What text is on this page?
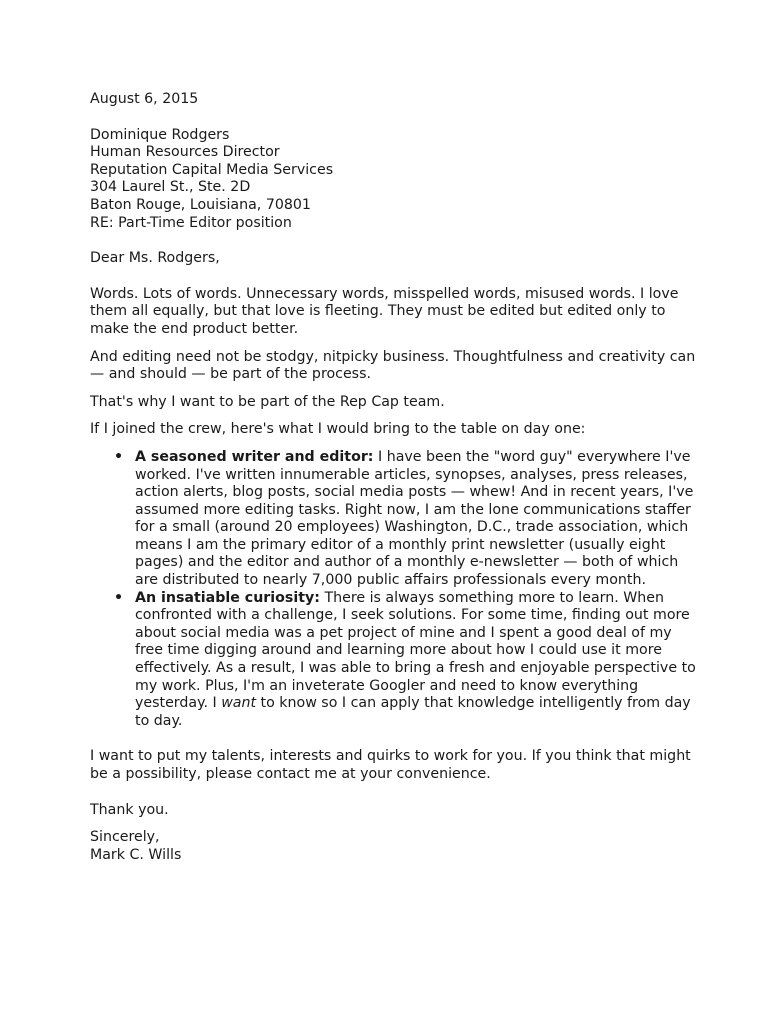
August 6, 2015

Dominique Rodgers
Human Resources Director
Reputation Capital Media Services
304 Laurel St., Ste. 2D
Baton Rouge, Louisiana, 70801
RE: Part-Time Editor position

Dear Ms. Rodgers,

Words. Lots of words. Unnecessary words, misspelled words, misused words. I love them all equally, but that love is fleeting. They must be edited but edited only to make the end product better.

And editing need not be stodgy, nitpicky business. Thoughtfulness and creativity can — and should — be part of the process.

That's why I want to be part of the Rep Cap team.

If I joined the crew, here's what I would bring to the table on day one:

• A seasoned writer and editor: I have been the "word guy" everywhere I've worked. I've written innumerable articles, synopses, analyses, press releases, action alerts, blog posts, social media posts — whew! And in recent years, I've assumed more editing tasks. Right now, I am the lone communications staffer for a small (around 20 employees) Washington, D.C., trade association, which means I am the primary editor of a monthly print newsletter (usually eight pages) and the editor and author of a monthly e-newsletter — both of which are distributed to nearly 7,000 public affairs professionals every month.
• An insatiable curiosity: There is always something more to learn. When confronted with a challenge, I seek solutions. For some time, finding out more about social media was a pet project of mine and I spent a good deal of my free time digging around and learning more about how I could use it more effectively. As a result, I was able to bring a fresh and enjoyable perspective to my work. Plus, I'm an inveterate Googler and need to know everything yesterday. I want to know so I can apply that knowledge intelligently from day to day.

I want to put my talents, interests and quirks to work for you. If you think that might be a possibility, please contact me at your convenience.

Thank you.

Sincerely,
Mark C. Wills
